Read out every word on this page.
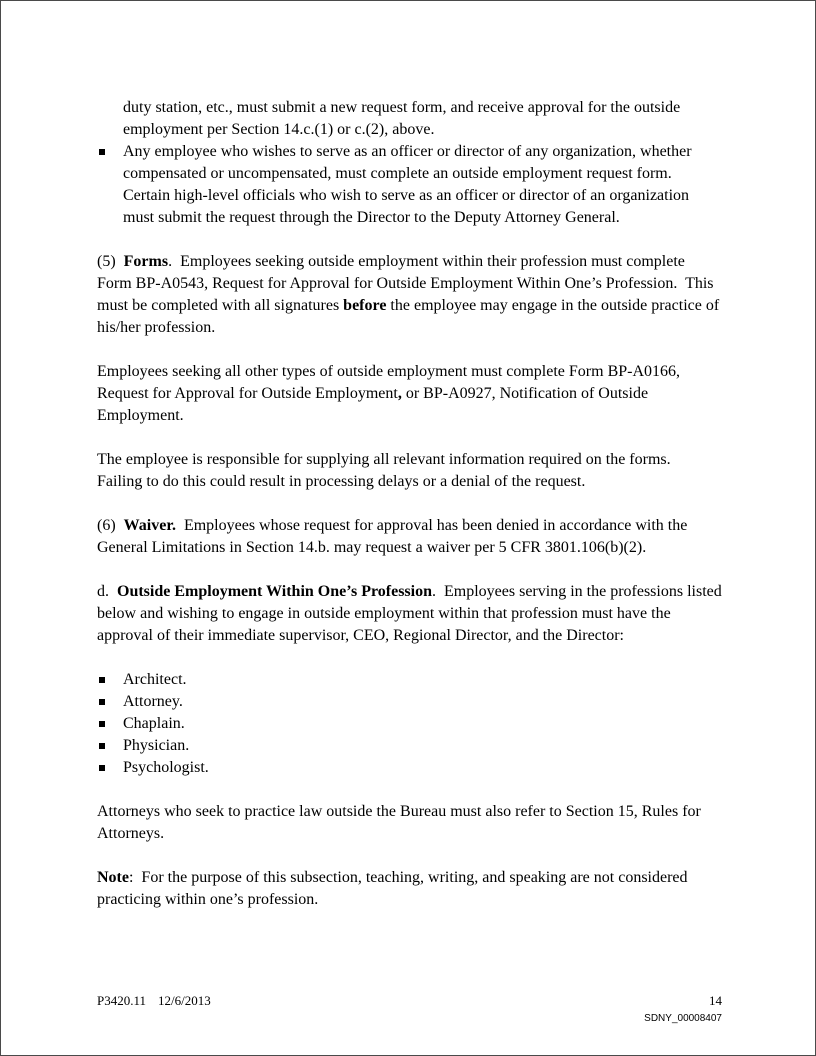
duty station, etc., must submit a new request form, and receive approval for the outside employment per Section 14.c.(1) or c.(2), above.

Any employee who wishes to serve as an officer or director of any organization, whether compensated or uncompensated, must complete an outside employment request form.  Certain high-level officials who wish to serve as an officer or director of an organization must submit the request through the Director to the Deputy Attorney General.

(5)  Forms.  Employees seeking outside employment within their profession must complete Form BP-A0543, Request for Approval for Outside Employment Within One’s Profession.  This must be completed with all signatures before the employee may engage in the outside practice of his/her profession.

Employees seeking all other types of outside employment must complete Form BP-A0166, Request for Approval for Outside Employment, or BP-A0927, Notification of Outside Employment.

The employee is responsible for supplying all relevant information required on the forms.  Failing to do this could result in processing delays or a denial of the request.

(6)  Waiver.  Employees whose request for approval has been denied in accordance with the General Limitations in Section 14.b. may request a waiver per 5 CFR 3801.106(b)(2).

d.  Outside Employment Within One’s Profession.  Employees serving in the professions listed below and wishing to engage in outside employment within that profession must have the approval of their immediate supervisor, CEO, Regional Director, and the Director:

Architect.

Attorney.

Chaplain.

Physician.

Psychologist.

Attorneys who seek to practice law outside the Bureau must also refer to Section 15, Rules for Attorneys.

Note:  For the purpose of this subsection, teaching, writing, and speaking are not considered practicing within one’s profession.

P3420.11 12/6/2013	14
SDNY_00008407
